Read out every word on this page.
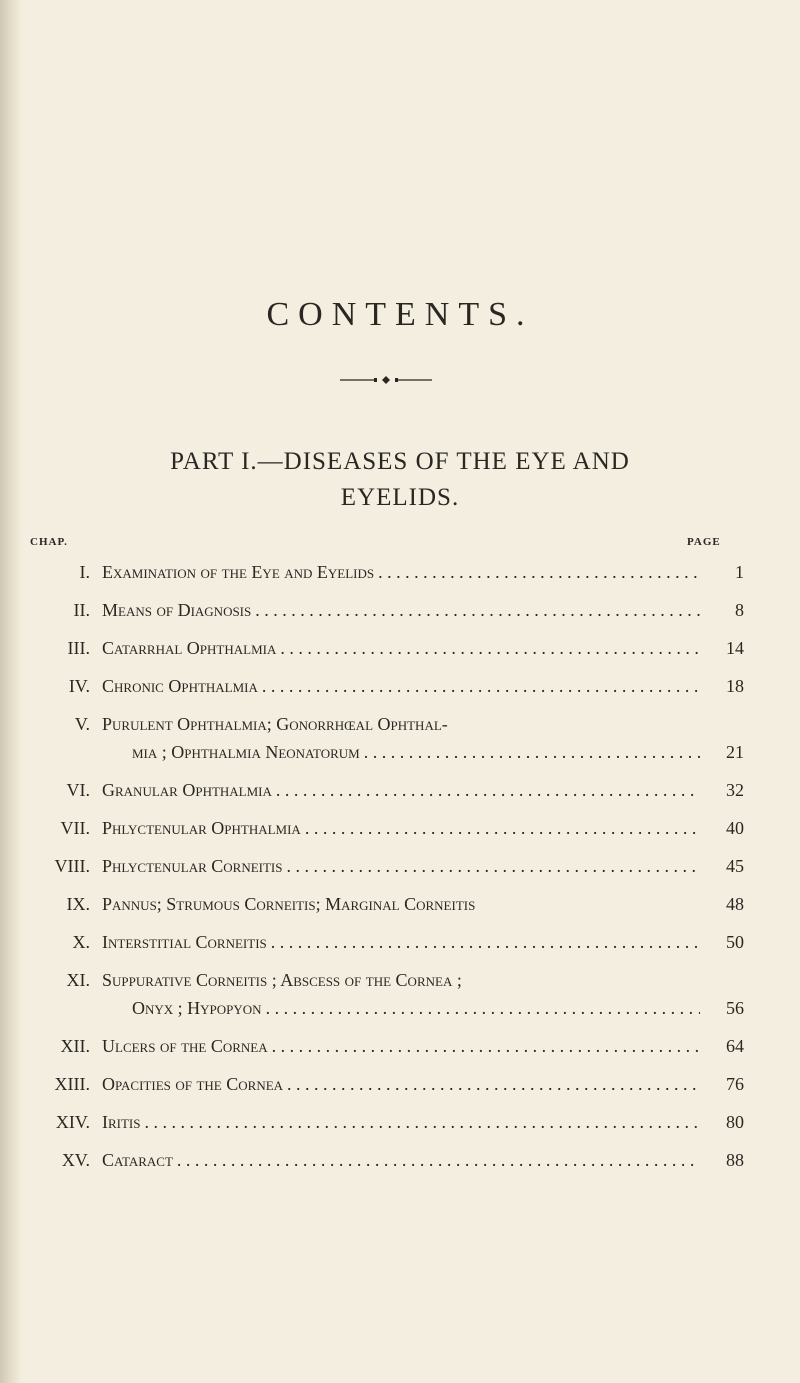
CONTENTS.
PART I.—DISEASES OF THE EYE AND
EYELIDS.
CHAP.	PAGE
I. Examination of the Eye and Eyelids . . .	1
II. Means of Diagnosis . . .	8
III. Catarrhal Ophthalmia . . .	14
IV. Chronic Ophthalmia . . .	18
V. Purulent Ophthalmia; Gonorrhœal Ophthal-
mia ; Ophthalmia Neonatorum . . .	21
VI. Granular Ophthalmia . . .	32
VII. Phlyctenular Ophthalmia . . .	40
VIII. Phlyctenular Corneitis . . .	45
IX. Pannus; Strumous Corneitis; Marginal Corneitis	48
X. Interstitial Corneitis . . .	50
XI. Suppurative Corneitis ; Abscess of the Cornea ;
Onyx ; Hypopyon . . .	56
XII. Ulcers of the Cornea . . .	64
XIII. Opacities of the Cornea . . .	76
XIV. Iritis . . .	80
XV. Cataract . . .	88
